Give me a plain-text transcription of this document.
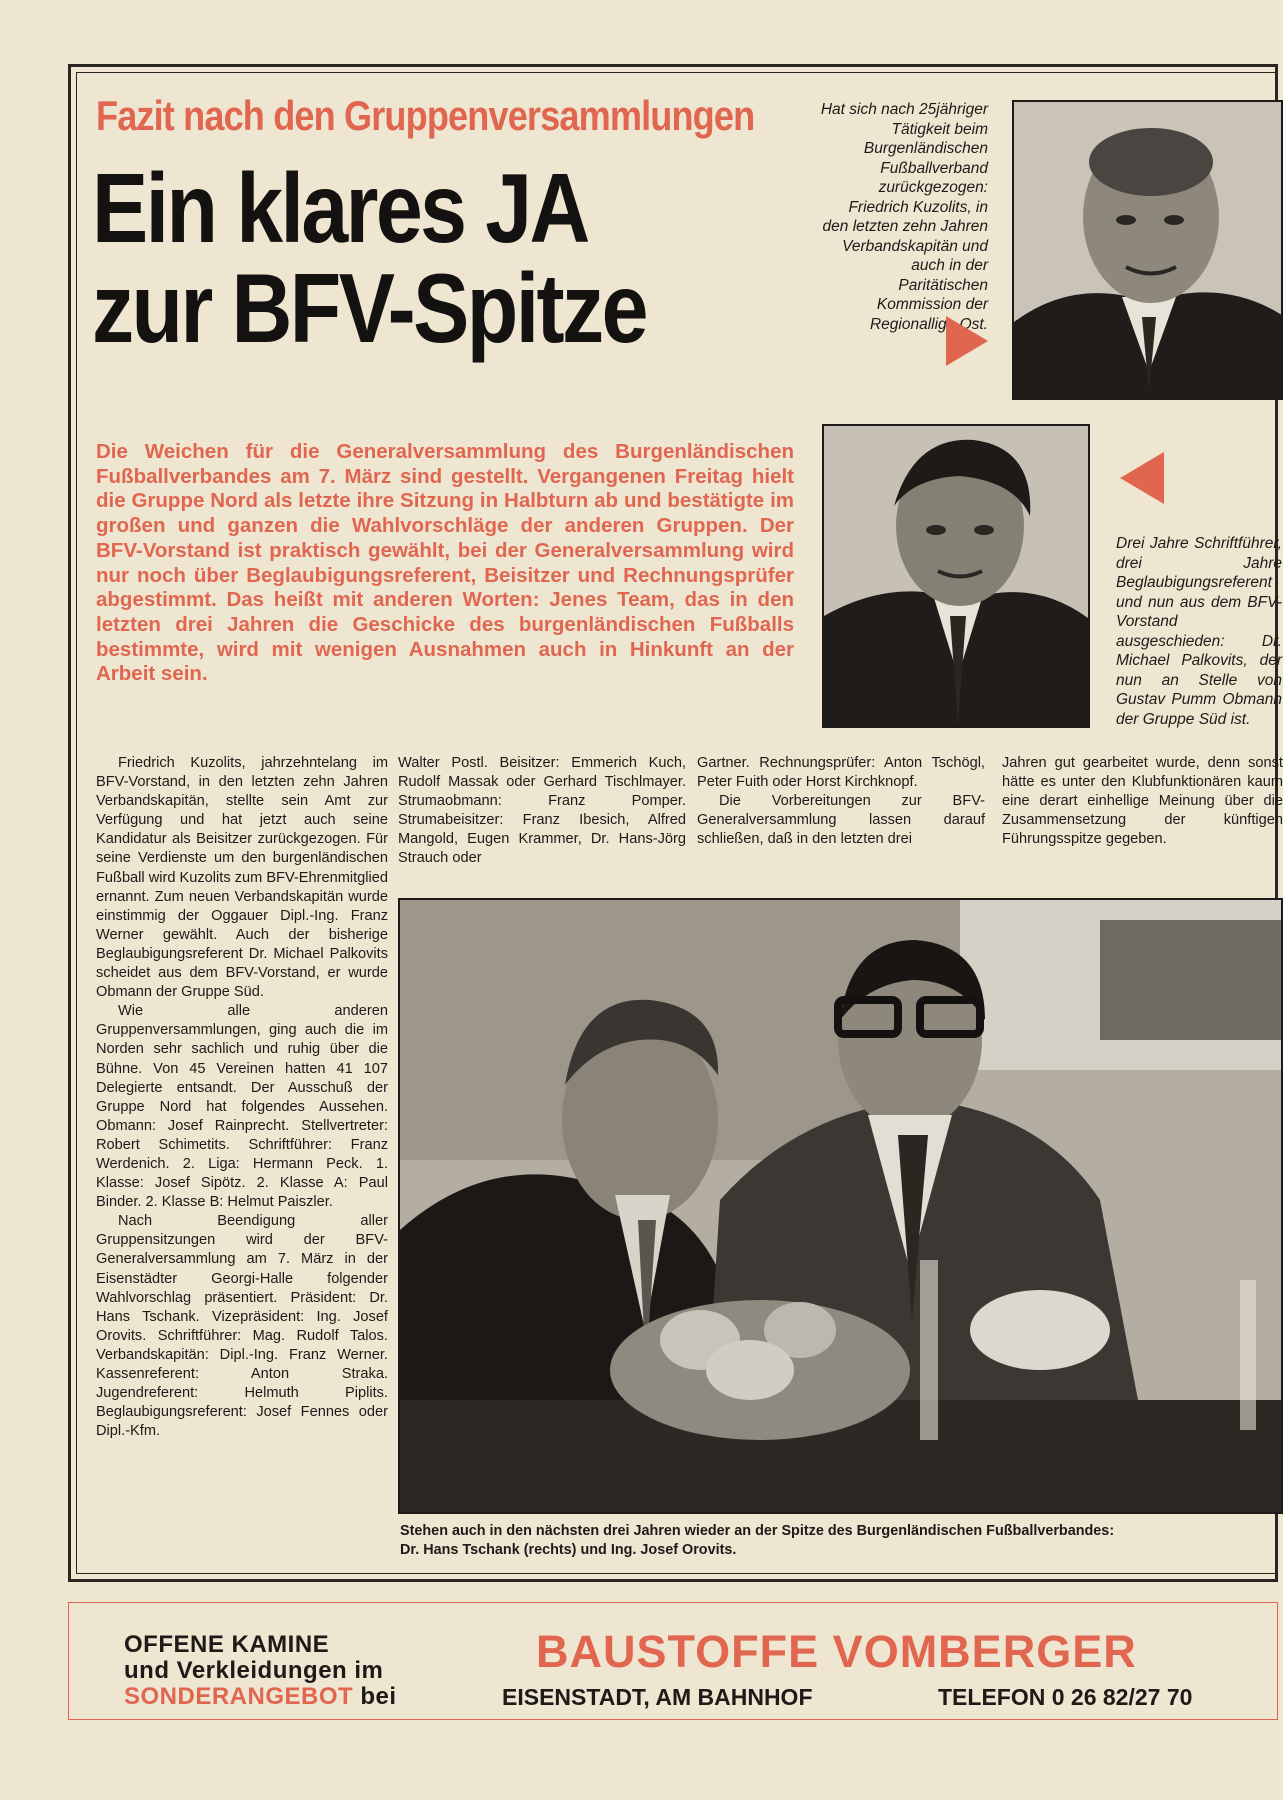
Fazit nach den Gruppenversammlungen
Ein klares JA
zur BFV-Spitze
Hat sich nach 25jähriger Tätigkeit beim Burgenländischen Fußballverband zurückgezogen: Friedrich Kuzolits, in den letzten zehn Jahren Verbandskapitän und auch in der Paritätischen Kommission der Regionalliga Ost.
Die Weichen für die Generalversammlung des Burgenländischen Fußballverbandes am 7. März sind gestellt. Vergangenen Freitag hielt die Gruppe Nord als letzte ihre Sitzung in Halbturn ab und bestätigte im großen und ganzen die Wahlvorschläge der anderen Gruppen. Der BFV-Vorstand ist praktisch gewählt, bei der Generalversammlung wird nur noch über Beglaubigungsreferent, Beisitzer und Rechnungsprüfer abgestimmt. Das heißt mit anderen Worten: Jenes Team, das in den letzten drei Jahren die Geschicke des burgenländischen Fußballs bestimmte, wird mit wenigen Ausnahmen auch in Hinkunft an der Arbeit sein.
Drei Jahre Schriftführer, drei Jahre Beglaubigungsreferent und nun aus dem BFV-Vorstand ausgeschieden: Dr. Michael Palkovits, der nun an Stelle von Gustav Pumm Obmann der Gruppe Süd ist.

Friedrich Kuzolits, jahrzehntelang im BFV-Vorstand, in den letzten zehn Jahren Verbandskapitän, stellte sein Amt zur Verfügung und hat jetzt auch seine Kandidatur als Beisitzer zurückgezogen. Für seine Verdienste um den burgenländischen Fußball wird Kuzolits zum BFV-Ehrenmitglied ernannt. Zum neuen Verbandskapitän wurde einstimmig der Oggauer Dipl.-Ing. Franz Werner gewählt. Auch der bisherige Beglaubigungsreferent Dr. Michael Palkovits scheidet aus dem BFV-Vorstand, er wurde Obmann der Gruppe Süd.

Wie alle anderen Gruppenversammlungen, ging auch die im Norden sehr sachlich und ruhig über die Bühne. Von 45 Vereinen hatten 41 107 Delegierte entsandt. Der Ausschuß der Gruppe Nord hat folgendes Aussehen. Obmann: Josef Rainprecht. Stellvertreter: Robert Schimetits. Schriftführer: Franz Werdenich. 2. Liga: Hermann Peck. 1. Klasse: Josef Sipötz. 2. Klasse A: Paul Binder. 2. Klasse B: Helmut Paiszler.

Nach Beendigung aller Gruppensitzungen wird der BFV-Generalversammlung am 7. März in der Eisenstädter Georgi-Halle folgender Wahlvorschlag präsentiert. Präsident: Dr. Hans Tschank. Vizepräsident: Ing. Josef Orovits. Schriftführer: Mag. Rudolf Talos. Verbandskapitän: Dipl.-Ing. Franz Werner. Kassenreferent: Anton Straka. Jugendreferent: Helmuth Piplits. Beglaubigungsreferent: Josef Fennes oder Dipl.-Kfm.

Walter Postl. Beisitzer: Emmerich Kuch, Rudolf Massak oder Gerhard Tischlmayer. Strumaobmann: Franz Pomper. Strumabeisitzer: Franz Ibesich, Alfred Mangold, Eugen Krammer, Dr. Hans-Jörg Strauch oder

Gartner. Rechnungsprüfer: Anton Tschögl, Peter Fuith oder Horst Kirchknopf.

Die Vorbereitungen zur BFV-Generalversammlung lassen darauf schließen, daß in den letzten drei

Jahren gut gearbeitet wurde, denn sonst hätte es unter den Klubfunktionären kaum eine derart einhellige Meinung über die Zusammensetzung der künftigen Führungsspitze gegeben.

Stehen auch in den nächsten drei Jahren wieder an der Spitze des Burgenländischen Fußballverbandes:
Dr. Hans Tschank (rechts) und Ing. Josef Orovits.
OFFENE KAMINE
und Verkleidungen im
SONDERANGEBOT bei
BAUSTOFFE VOMBERGER
EISENSTADT, AM BAHNHOF	TELEFON 0 26 82/27 70
